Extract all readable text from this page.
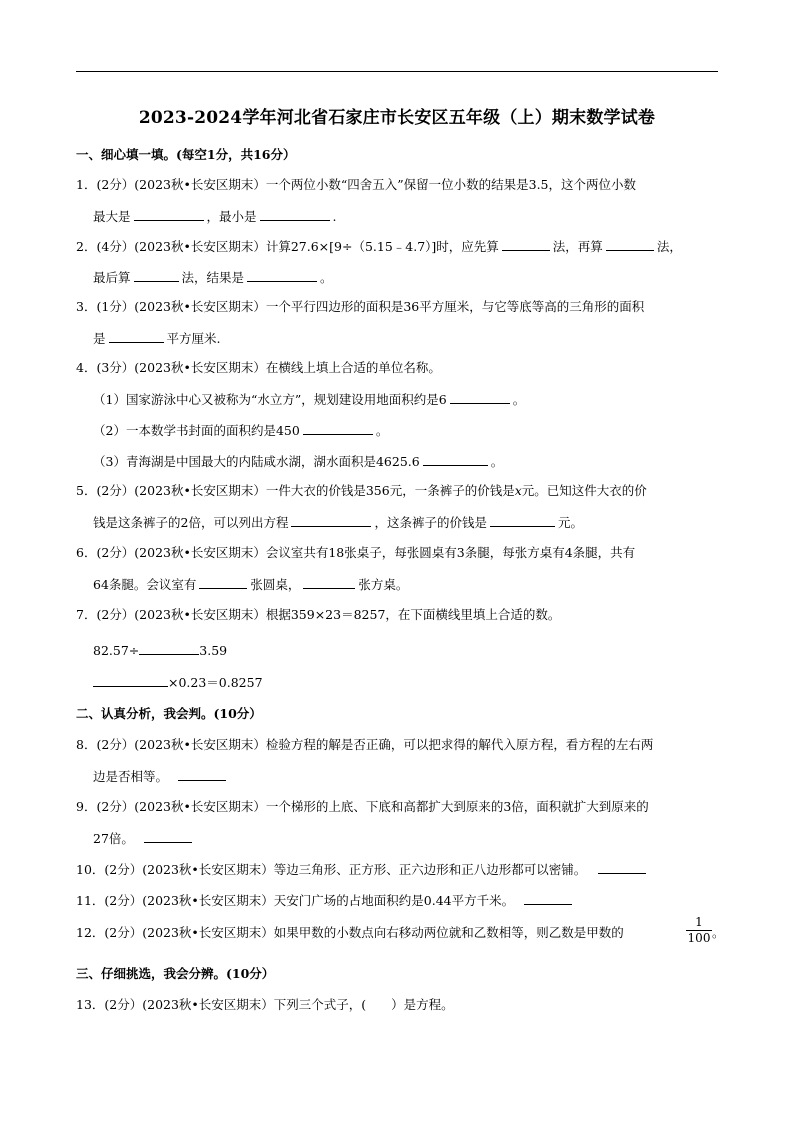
2023-2024学年河北省石家庄市长安区五年级（上）期末数学试卷
一、细心填一填。(每空1分，共16分）
1．(2分）(2023秋•长安区期末）一个两位小数“四舍五入”保留一位小数的结果是3.5，这个两位小数
最大是	，最小是	.
2．(4分）(2023秋•长安区期末）计算27.6×[9÷（5.15﹣4.7）]时，应先算	法，再算	法，
最后算	法，结果是	。
3．(1分）(2023秋•长安区期末）一个平行四边形的面积是36平方厘米，与它等底等高的三角形的面积
是	平方厘米.
4．(3分）(2023秋•长安区期末）在横线上填上合适的单位名称。
（1）国家游泳中心又被称为“水立方”，规划建设用地面积约是6	。
（2）一本数学书封面的面积约是450	。
（3）青海湖是中国最大的内陆咸水湖，湖水面积是4625.6	。
5．(2分）(2023秋•长安区期末）一件大衣的价钱是356元，一条裤子的价钱是x元。已知这件大衣的价
钱是这条裤子的2倍，可以列出方程	，这条裤子的价钱是	元。
6．(2分）(2023秋•长安区期末）会议室共有18张桌子，每张圆桌有3条腿，每张方桌有4条腿，共有
64条腿。会议室有	张圆桌，	张方桌。
7．(2分）(2023秋•长安区期末）根据359×23＝8257，在下面横线里填上合适的数。
82.57÷	3.59
×0.23＝0.8257
二、认真分析，我会判。(10分）
8．(2分）(2023秋•长安区期末）检验方程的解是否正确，可以把求得的解代入原方程，看方程的左右两
边是否相等。
9．(2分）(2023秋•长安区期末）一个梯形的上底、下底和高都扩大到原来的3倍，面积就扩大到原来的
27倍。
10．(2分）(2023秋•长安区期末）等边三角形、正方形、正六边形和正八边形都可以密铺。
11．(2分）(2023秋•长安区期末）天安门广场的占地面积约是0.44平方千米。
12．(2分）(2023秋•长安区期末）如果甲数的小数点向右移动两位就和乙数相等，则乙数是甲数的	$\frac{1}{100}$ 。
三、仔细挑选，我会分辨。(10分）
13．(2分）(2023秋•长安区期末）下列三个式子，(　　）是方程。
